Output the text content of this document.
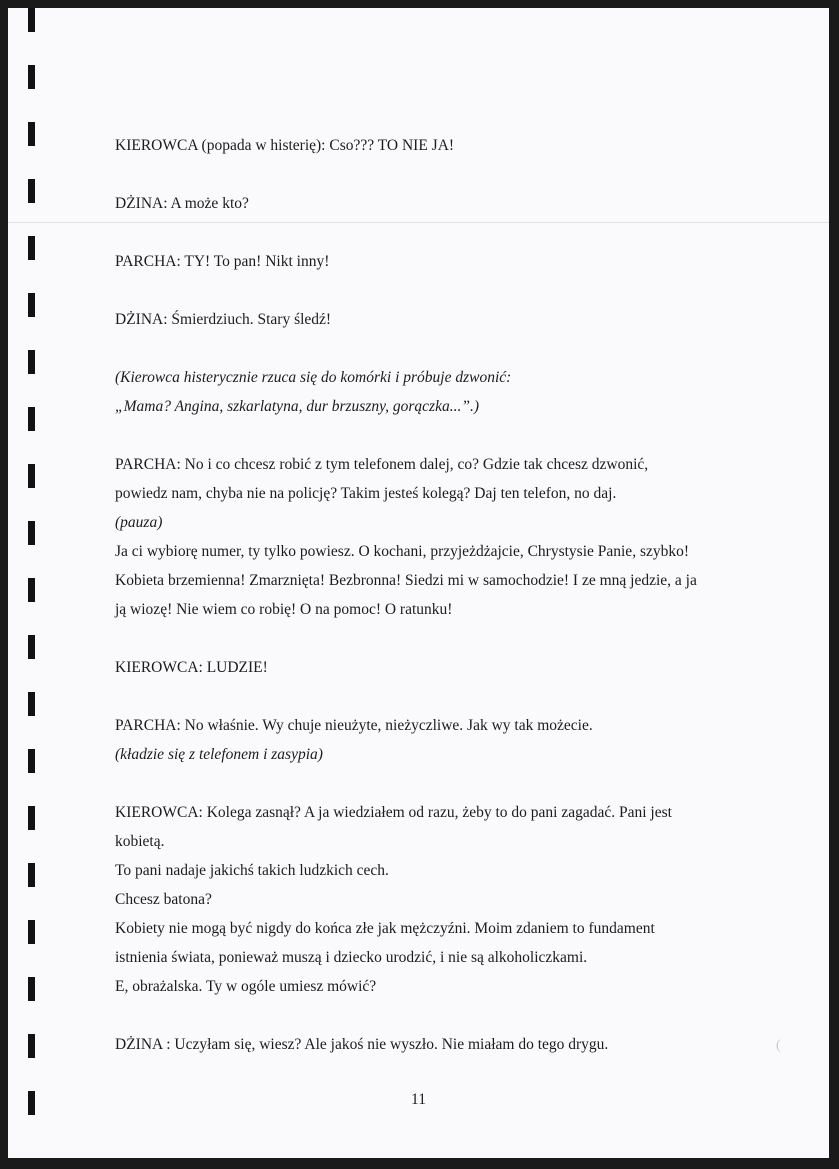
KIEROWCA (popada w histerię): Cso??? TO NIE JA!
DŻINA: A może kto?
PARCHA: TY! To pan! Nikt inny!
DŻINA: Śmierdziuch. Stary śledź!
(Kierowca histerycznie rzuca się do komórki i próbuje dzwonić:
„Mama? Angina, szkarlatyna, dur brzuszny, gorączka...”.)
PARCHA: No i co chcesz robić z tym telefonem dalej, co? Gdzie tak chcesz dzwonić,
powiedz nam, chyba nie na policję? Takim jesteś kolegą? Daj ten telefon, no daj.
(pauza)
Ja ci wybiorę numer, ty tylko powiesz. O kochani, przyjeżdżajcie, Chrystysie Panie, szybko!
Kobieta brzemienna! Zmarznięta! Bezbronna! Siedzi mi w samochodzie! I ze mną jedzie, a ja
ją wiozę! Nie wiem co robię! O na pomoc! O ratunku!
KIEROWCA: LUDZIE!
PARCHA: No właśnie. Wy chuje nieużyte, nieżyczliwe. Jak wy tak możecie.
(kładzie się z telefonem i zasypia)
KIEROWCA: Kolega zasnął? A ja wiedziałem od razu, żeby to do pani zagadać. Pani jest
kobietą.
To pani nadaje jakichś takich ludzkich cech.
Chcesz batona?
Kobiety nie mogą być nigdy do końca złe jak mężczyźni. Moim zdaniem to fundament
istnienia świata, ponieważ muszą i dziecko urodzić, i nie są alkoholiczkami.
E, obrażalska. Ty w ogóle umiesz mówić?
DŻINA : Uczyłam się, wiesz? Ale jakoś nie wyszło. Nie miałam do tego drygu.
11
(
